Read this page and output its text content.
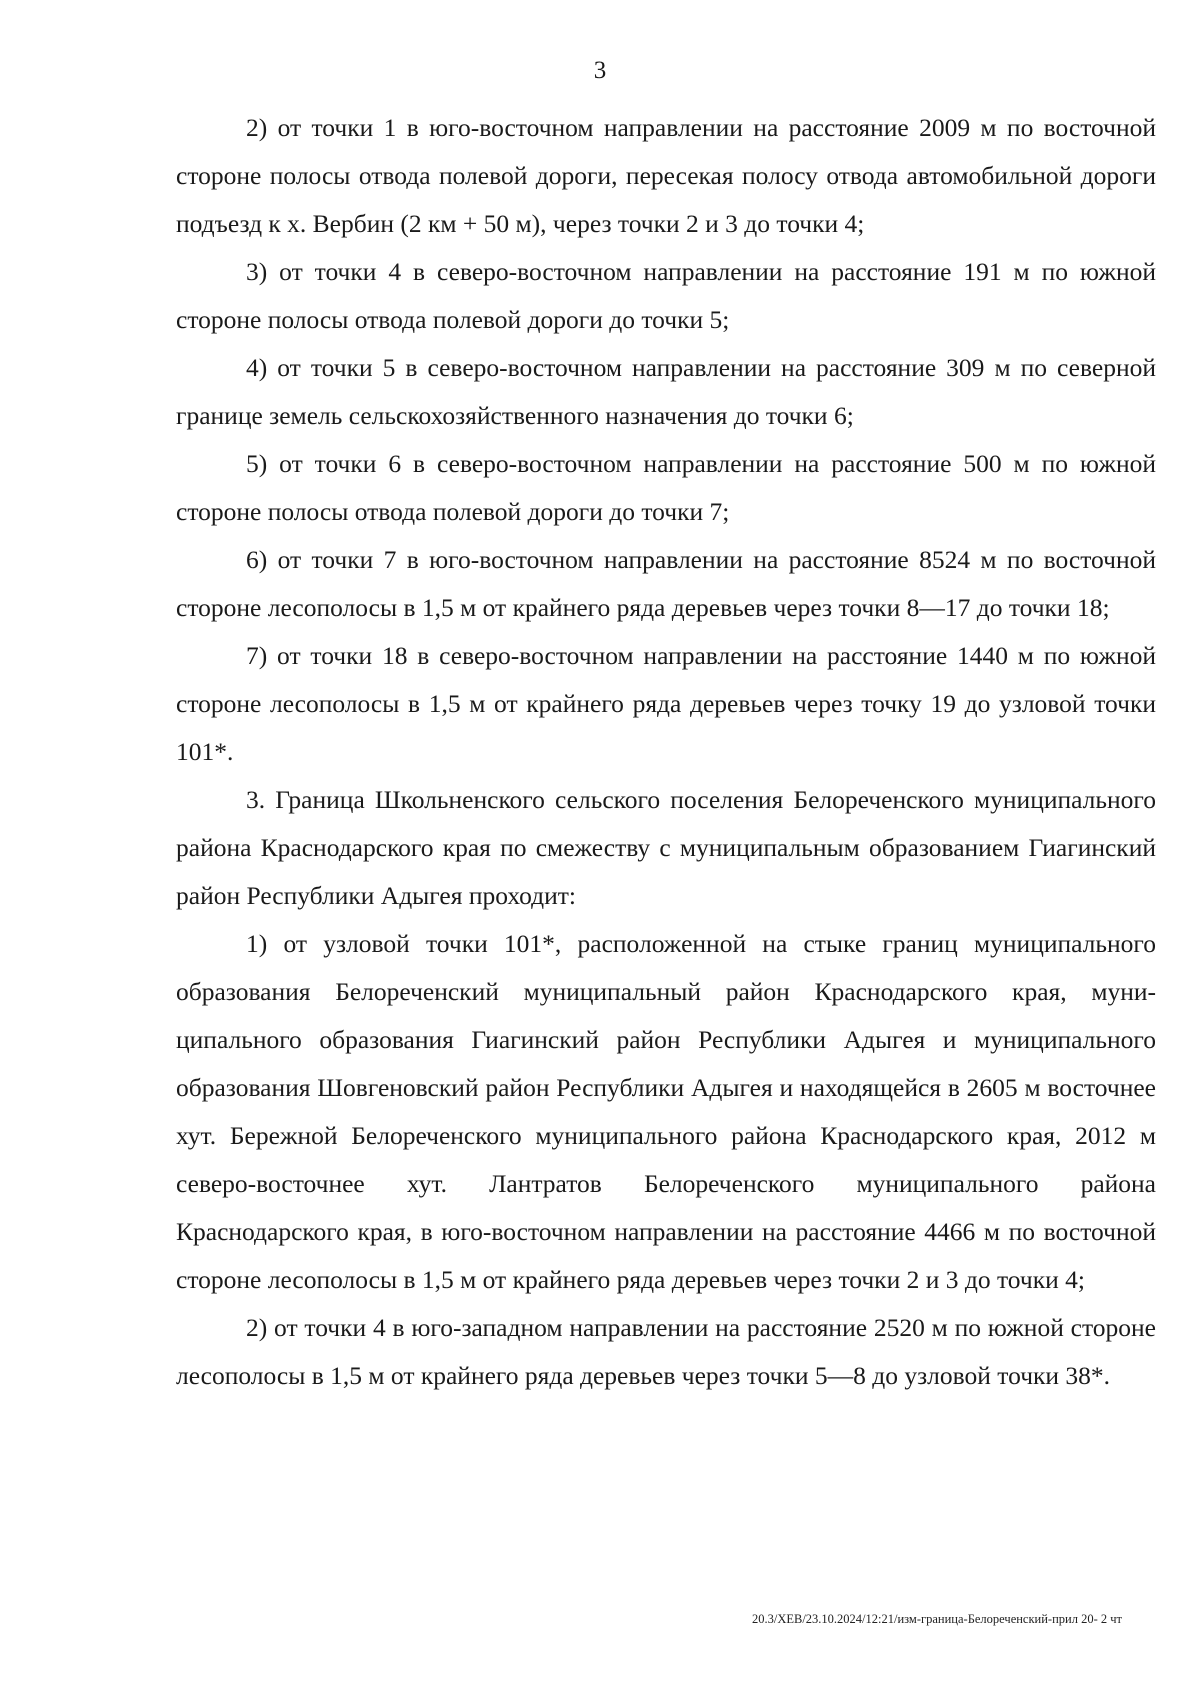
3

2) от точки 1 в юго-восточном направлении на расстояние 2009 м по восточной стороне полосы отвода полевой дороги, пересекая полосу отвода автомобильной дороги подъезд к х. Вербин (2 км + 50 м), через точки 2 и 3 до точки 4;

3) от точки 4 в северо-восточном направлении на расстояние 191 м по южной стороне полосы отвода полевой дороги до точки 5;

4) от точки 5 в северо-восточном направлении на расстояние 309 м по северной границе земель сельскохозяйственного назначения до точки 6;

5) от точки 6 в северо-восточном направлении на расстояние 500 м по южной стороне полосы отвода полевой дороги до точки 7;

6) от точки 7 в юго-восточном направлении на расстояние 8524 м по восточной стороне лесополосы в 1,5 м от крайнего ряда деревьев через точки 8—17 до точки 18;

7) от точки 18 в северо-восточном направлении на расстояние 1440 м по южной стороне лесополосы в 1,5 м от крайнего ряда деревьев через точку 19 до узловой точки 101*.

3. Граница Школьненского сельского поселения Белореченского муниципального района Краснодарского края по смежеству с муниципальным образованием Гиагинский район Республики Адыгея проходит:

1) от узловой точки 101*, расположенной на стыке границ муниципального образования Белореченский муниципальный район Краснодарского края, муниципального образования Гиагинский район Республики Адыгея и муниципального образования Шовгеновский район Республики Адыгея и находящейся в 2605 м восточнее хут. Бережной Белореченского муниципального района Краснодарского края, 2012 м северо-восточнее хут. Лантратов Белореченского муниципального района Краснодарского края, в юго-восточном направлении на расстояние 4466 м по восточной стороне лесополосы в 1,5 м от крайнего ряда деревьев через точки 2 и 3 до точки 4;

2) от точки 4 в юго-западном направлении на расстояние 2520 м по южной стороне лесополосы в 1,5 м от крайнего ряда деревьев через точки 5—8 до узловой точки 38*.

20.3/ХЕВ/23.10.2024/12:21/изм-граница-Белореченский-прил 20- 2 чт
